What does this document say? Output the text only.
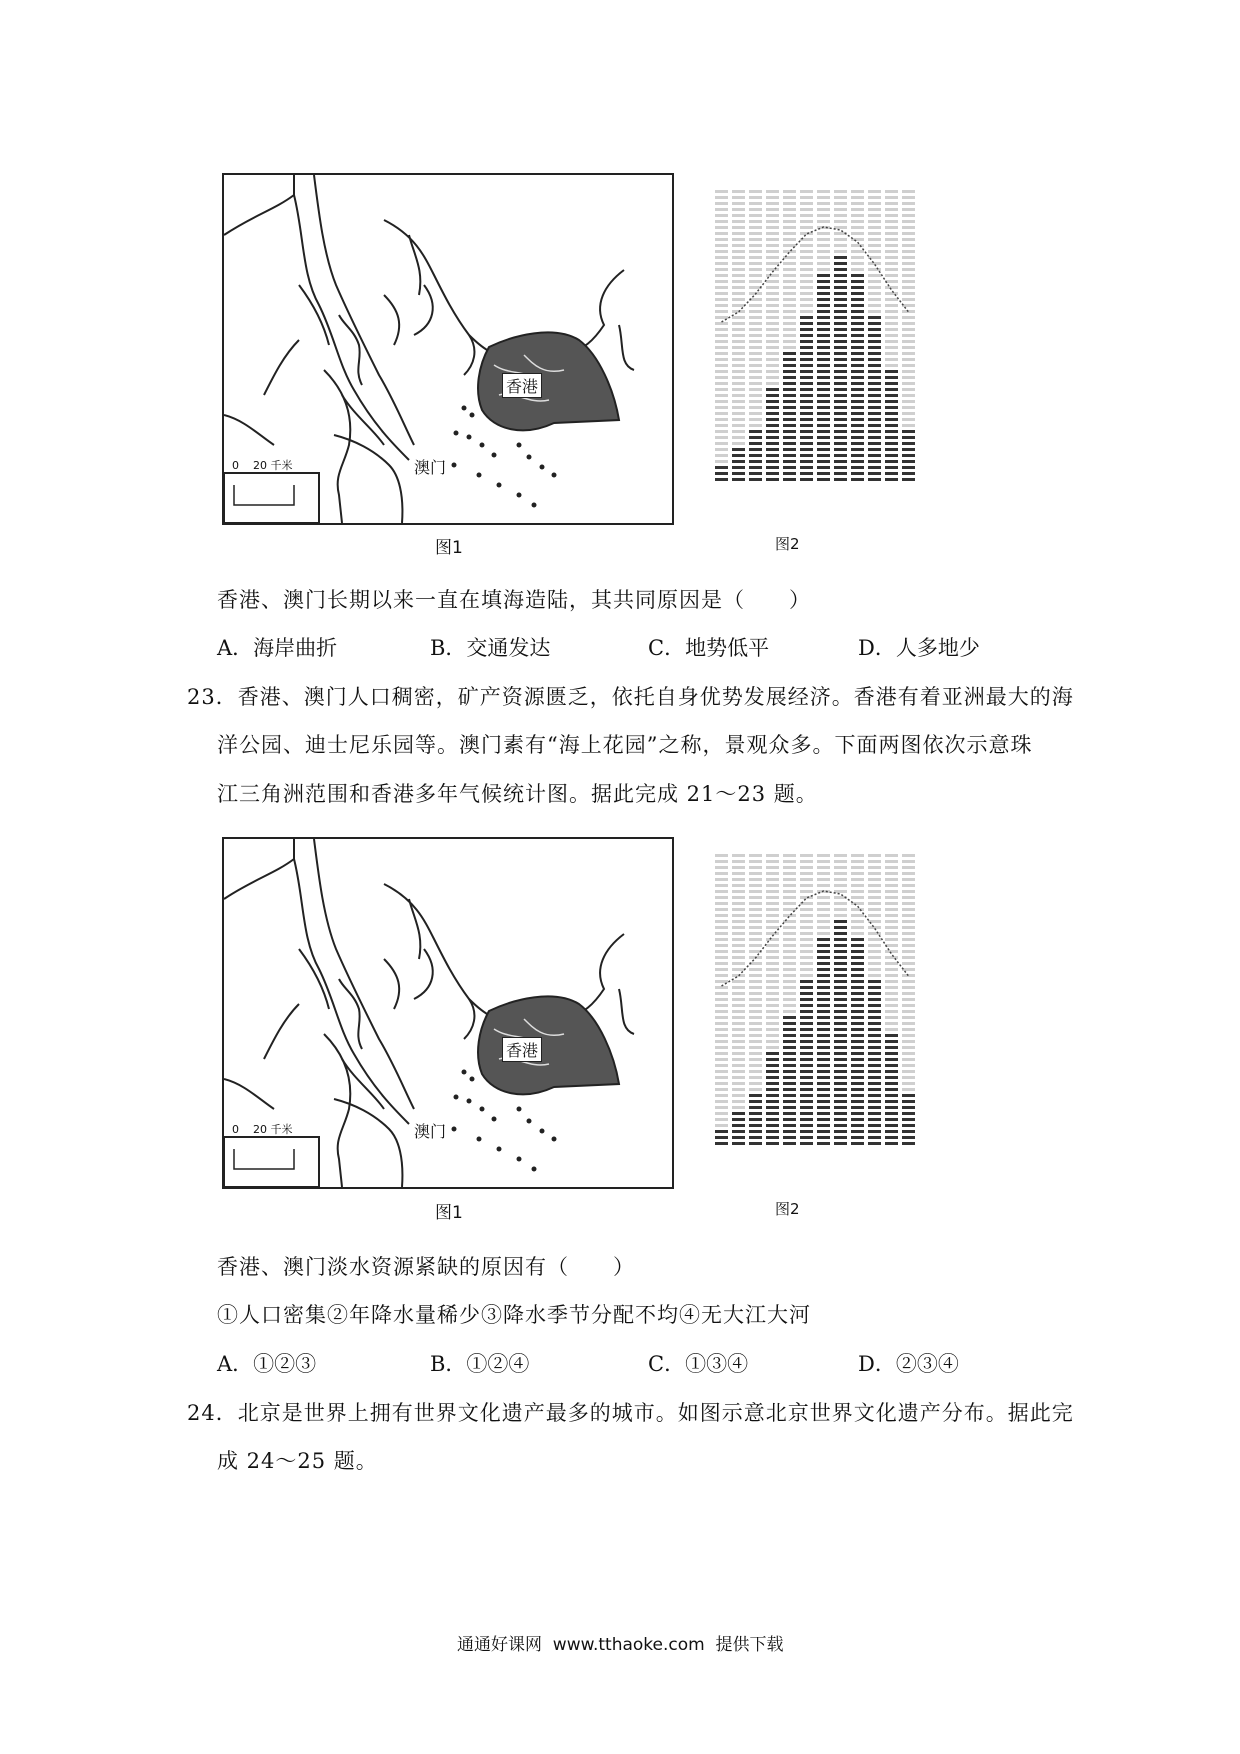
香港
澳门
0    20 千米
图1	图2
香港、澳门长期以来一直在填海造陆，其共同原因是（　　）
A．海岸曲折	B．交通发达	C．地势低平	D．人多地少
23．香港、澳门人口稠密，矿产资源匮乏，依托自身优势发展经济。香港有着亚洲最大的海
洋公园、迪士尼乐园等。澳门素有“海上花园”之称，景观众多。下面两图依次示意珠
江三角洲范围和香港多年气候统计图。据此完成 21～23 题。
香港
澳门
0    20 千米
图1	图2
香港、澳门淡水资源紧缺的原因有（　　）
①人口密集②年降水量稀少③降水季节分配不均④无大江大河
A．①②③	B．①②④	C．①③④	D．②③④
24．北京是世界上拥有世界文化遗产最多的城市。如图示意北京世界文化遗产分布。据此完
成 24～25 题。
通通好课网  www.tthaoke.com  提供下载
